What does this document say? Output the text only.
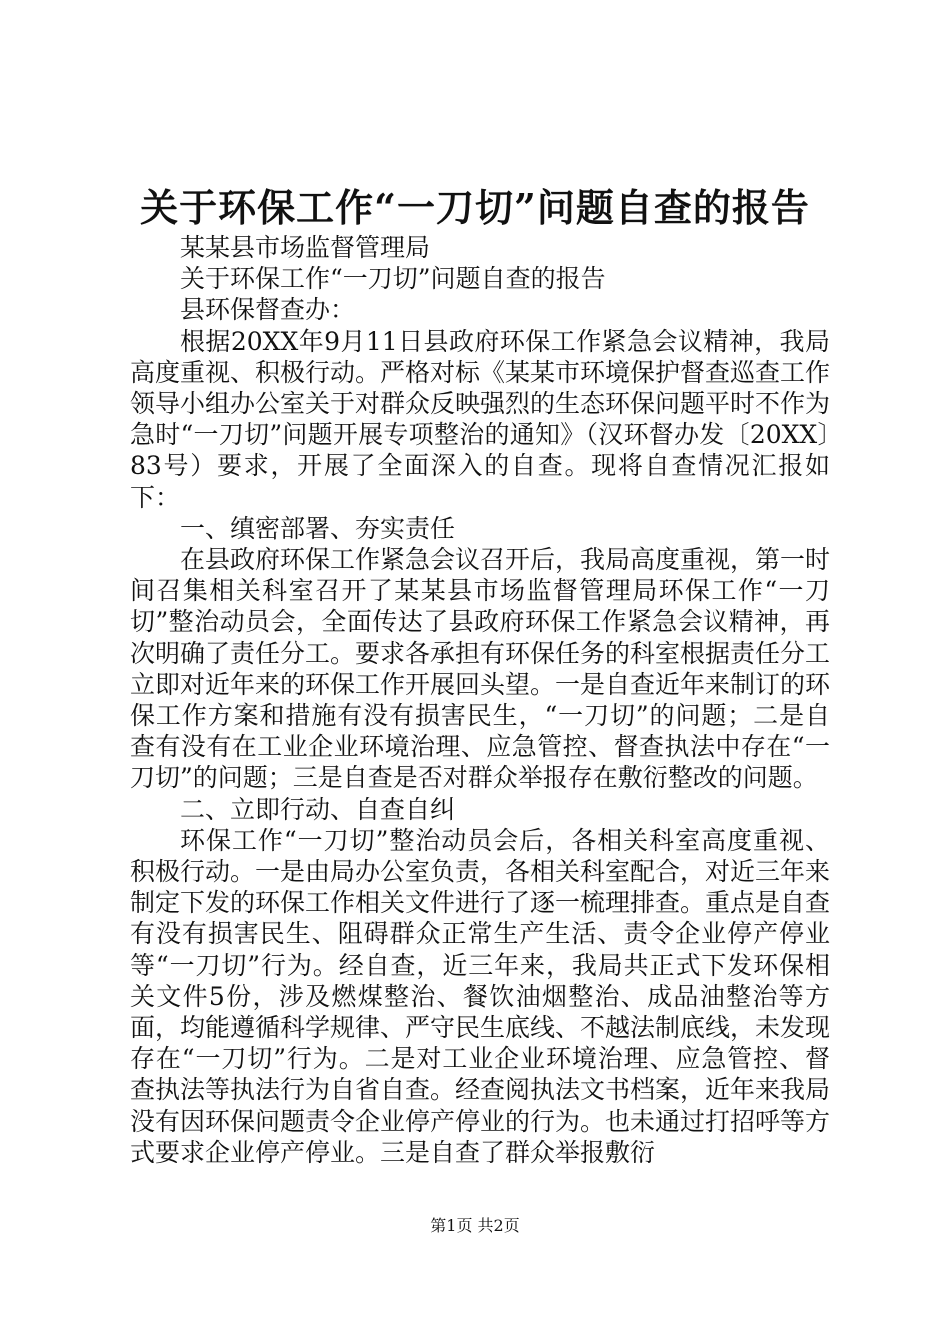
关于环保工作“一刀切”问题自查的报告

某某县市场监督管理局

关于环保工作“一刀切”问题自查的报告

县环保督查办：

根据20XX年9月11日县政府环保工作紧急会议精神，我局高度重视、积极行动。严格对标《某某市环境保护督查巡查工作领导小组办公室关于对群众反映强烈的生态环保问题平时不作为急时“一刀切”问题开展专项整治的通知》（汉环督办发〔20XX〕83号）要求，开展了全面深入的自查。现将自查情况汇报如下：

一、缜密部署、夯实责任

在县政府环保工作紧急会议召开后，我局高度重视，第一时间召集相关科室召开了某某县市场监督管理局环保工作“一刀切”整治动员会，全面传达了县政府环保工作紧急会议精神，再次明确了责任分工。要求各承担有环保任务的科室根据责任分工立即对近年来的环保工作开展回头望。一是自查近年来制订的环保工作方案和措施有没有损害民生，“一刀切”的问题；二是自查有没有在工业企业环境治理、应急管控、督查执法中存在“一刀切”的问题；三是自查是否对群众举报存在敷衍整改的问题。

二、立即行动、自查自纠

环保工作“一刀切”整治动员会后，各相关科室高度重视、积极行动。一是由局办公室负责，各相关科室配合，对近三年来制定下发的环保工作相关文件进行了逐一梳理排查。重点是自查有没有损害民生、阻碍群众正常生产生活、责令企业停产停业等“一刀切”行为。经自查，近三年来，我局共正式下发环保相关文件5份，涉及燃煤整治、餐饮油烟整治、成品油整治等方面，均能遵循科学规律、严守民生底线、不越法制底线，未发现存在“一刀切”行为。二是对工业企业环境治理、应急管控、督查执法等执法行为自省自查。经查阅执法文书档案，近年来我局没有因环保问题责令企业停产停业的行为。也未通过打招呼等方式要求企业停产停业。三是自查了群众举报敷衍

第1页 共2页
